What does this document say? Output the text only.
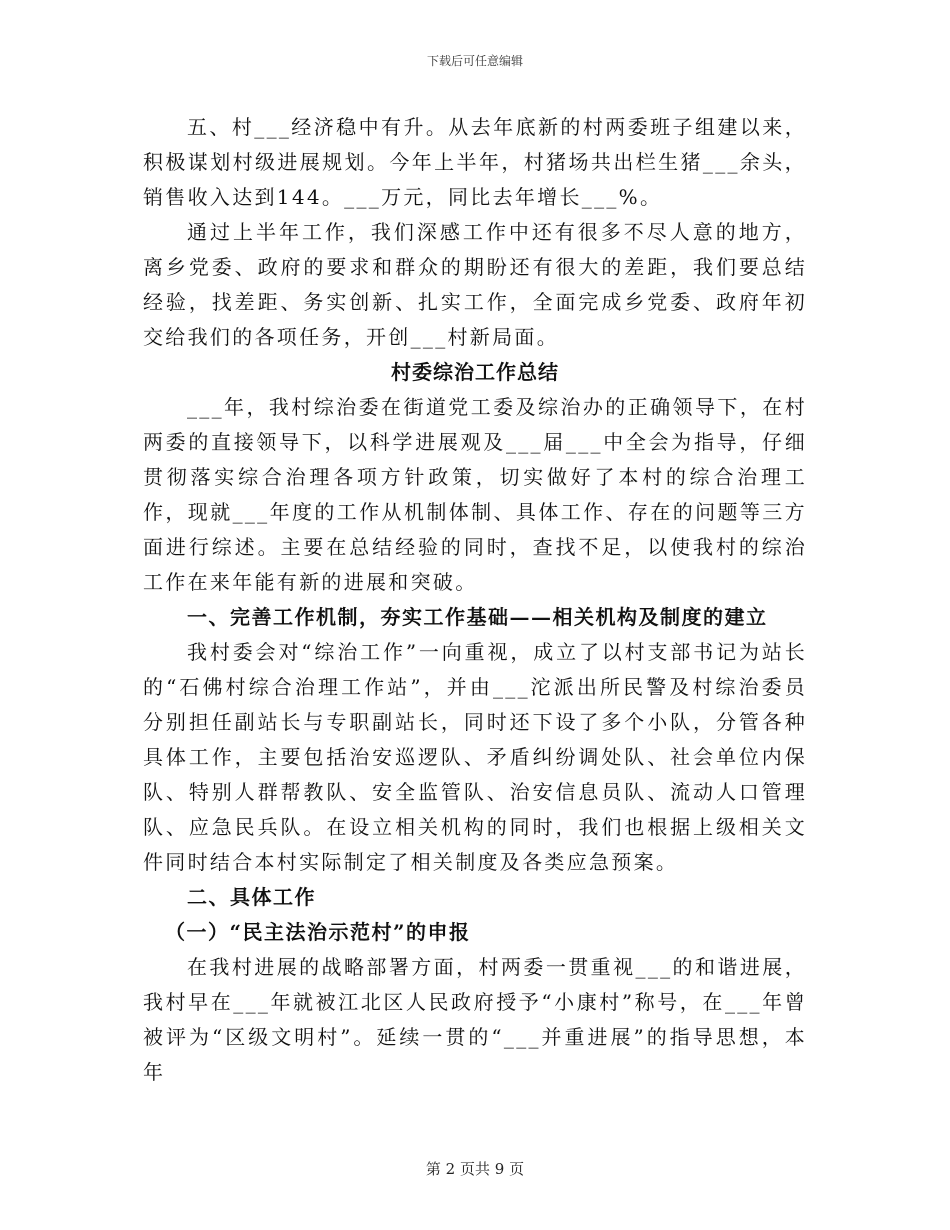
下载后可任意编辑

五、村___经济稳中有升。从去年底新的村两委班子组建以来，积极谋划村级进展规划。今年上半年，村猪场共出栏生猪___余头，销售收入达到144。___万元，同比去年增长___%。

通过上半年工作，我们深感工作中还有很多不尽人意的地方，离乡党委、政府的要求和群众的期盼还有很大的差距，我们要总结经验，找差距、务实创新、扎实工作，全面完成乡党委、政府年初交给我们的各项任务，开创___村新局面。

村委综治工作总结

___年，我村综治委在街道党工委及综治办的正确领导下，在村两委的直接领导下，以科学进展观及___届___中全会为指导，仔细贯彻落实综合治理各项方针政策，切实做好了本村的综合治理工作，现就___年度的工作从机制体制、具体工作、存在的问题等三方面进行综述。主要在总结经验的同时，查找不足，以使我村的综治工作在来年能有新的进展和突破。

一、完善工作机制，夯实工作基础——相关机构及制度的建立

我村委会对“综治工作”一向重视，成立了以村支部书记为站长的“石佛村综合治理工作站”，并由___沱派出所民警及村综治委员分别担任副站长与专职副站长，同时还下设了多个小队，分管各种具体工作，主要包括治安巡逻队、矛盾纠纷调处队、社会单位内保队、特别人群帮教队、安全监管队、治安信息员队、流动人口管理队、应急民兵队。在设立相关机构的同时，我们也根据上级相关文件同时结合本村实际制定了相关制度及各类应急预案。

二、具体工作

（一）“民主法治示范村”的申报

在我村进展的战略部署方面，村两委一贯重视___的和谐进展，我村早在___年就被江北区人民政府授予“小康村”称号，在___年曾被评为“区级文明村”。延续一贯的“___并重进展”的指导思想，本年

第 2 页共 9 页
